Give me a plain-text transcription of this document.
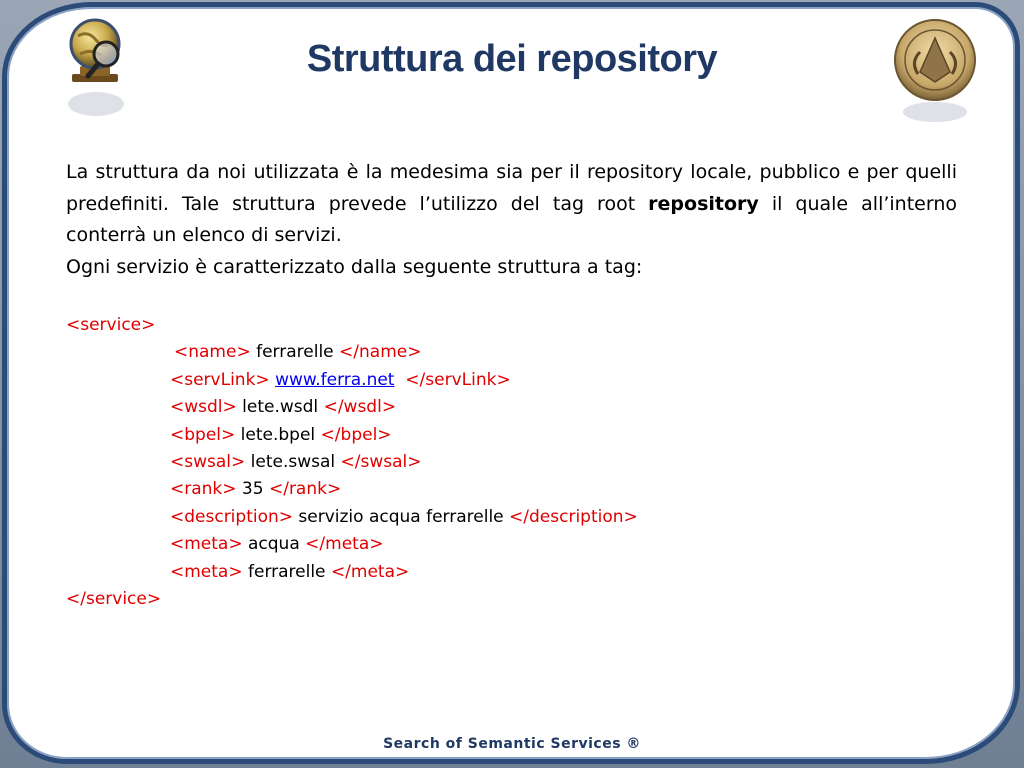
Struttura dei repository

La struttura da noi utilizzata è la medesima sia per il repository locale, pubblico e per quelli predefiniti. Tale struttura prevede l’utilizzo del tag root repository il quale all’interno conterrà un elenco di servizi.

Ogni servizio è caratterizzato dalla seguente struttura a tag:

<service>
<name> ferrarelle </name>
<servLink> www.ferra.net </servLink>
<wsdl> lete.wsdl </wsdl>
<bpel> lete.bpel </bpel>
<swsal> lete.swsal </swsal>
<rank> 35 </rank>
<description> servizio acqua ferrarelle </description>
<meta> acqua </meta>
<meta> ferrarelle </meta>
</service>
Search of Semantic Services ®
